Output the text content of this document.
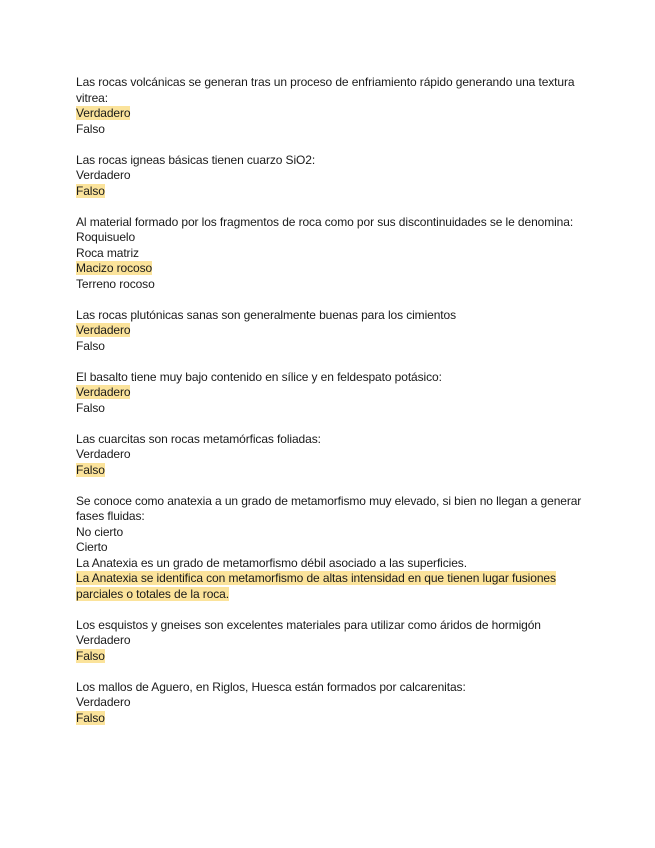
Las rocas volcánicas se generan tras un proceso de enfriamiento rápido generando una textura vitrea:
Verdadero
Falso
Las rocas igneas básicas tienen cuarzo SiO2:
Verdadero
Falso
Al material formado por los fragmentos de roca como por sus discontinuidades se le denomina:
Roquisuelo
Roca matriz
Macizo rocoso
Terreno rocoso
Las rocas plutónicas sanas son generalmente buenas para los cimientos
Verdadero
Falso
El basalto tiene muy bajo contenido en sílice y en feldespato potásico:
Verdadero
Falso
Las cuarcitas son rocas metamórficas foliadas:
Verdadero
Falso
Se conoce como anatexia a un grado de metamorfismo muy elevado, si bien no llegan a generar fases fluidas:
No cierto
Cierto
La Anatexia es un grado de metamorfismo débil asociado a las superficies.
La Anatexia se identifica con metamorfismo de altas intensidad en que tienen lugar fusiones parciales o totales de la roca.
Los esquistos y gneises son excelentes materiales para utilizar como áridos de hormigón
Verdadero
Falso
Los mallos de Aguero, en Riglos, Huesca están formados por calcarenitas:
Verdadero
Falso
